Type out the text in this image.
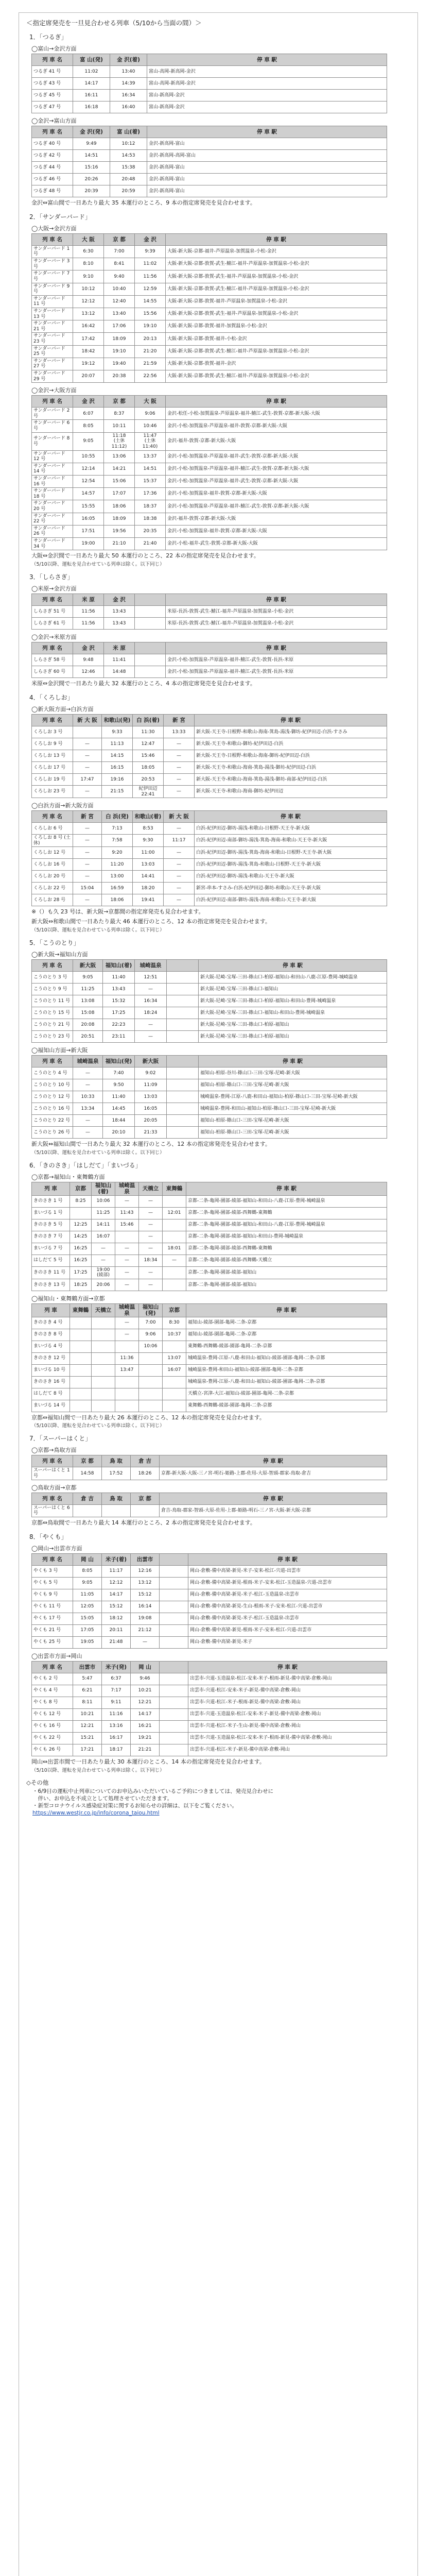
＜指定席発売を一旦見合わせる列車（5/10から当面の間）＞
1．「つるぎ」
◯富山→金沢方面
列 車 名	富 山(発)	金 沢(着)	停 車 駅
つるぎ 41 号	11:02	13:40	富山-高岡-新高岡-金沢
つるぎ 43 号	14:17	14:39	富山-高岡-新高岡-金沢
つるぎ 45 号	16:11	16:34	富山-新高岡-金沢
つるぎ 47 号	16:18	16:40	富山-新高岡-金沢
◯金沢→富山方面
列 車 名	金 沢(発)	富 山(着)	停 車 駅
つるぎ 40 号	9:49	10:12	金沢-新高岡-富山
つるぎ 42 号	14:51	14:53	金沢-新高岡-高岡-富山
つるぎ 44 号	15:16	15:38	金沢-新高岡-富山
つるぎ 46 号	20:26	20:48	金沢-新高岡-富山
つるぎ 48 号	20:39	20:59	金沢-新高岡-富山
金沢⇔富山間で一日あたり最大 35 本運行のところ、9 本の指定席発売を見合わせます。
2．「サンダーバード」
◯大阪→金沢方面
列 車 名	大 阪	京 都	金 沢	停 車 駅
サンダーバード 1 号	6:30	7:00	9:39	大阪-新大阪-京都-福井-芦原温泉-加賀温泉-小松-金沢
サンダーバード 3 号	8:10	8:41	11:02	大阪-新大阪-京都-敦賀-武生-鯖江-福井-芦原温泉-加賀温泉-小松-金沢
サンダーバード 7 号	9:10	9:40	11:56	大阪-新大阪-京都-敦賀-武生-福井-芦原温泉-加賀温泉-小松-金沢
サンダーバード 9 号	10:12	10:40	12:59	大阪-新大阪-京都-敦賀-武生-鯖江-福井-芦原温泉-加賀温泉-小松-金沢
サンダーバード 11 号	12:12	12:40	14:55	大阪-新大阪-京都-敦賀-福井-芦原温泉-加賀温泉-小松-金沢
サンダーバード 13 号	13:12	13:40	15:56	大阪-新大阪-京都-敦賀-武生-福井-芦原温泉-加賀温泉-小松-金沢
サンダーバード 21 号	16:42	17:06	19:10	大阪-新大阪-京都-敦賀-福井-加賀温泉-小松-金沢
サンダーバード 23 号	17:42	18:09	20:13	大阪-新大阪-京都-敦賀-福井-小松-金沢
サンダーバード 25 号	18:42	19:10	21:20	大阪-新大阪-京都-敦賀-武生-鯖江-福井-芦原温泉-加賀温泉-小松-金沢
サンダーバード 27 号	19:12	19:40	21:59	大阪-新大阪-京都-敦賀-福井-金沢
サンダーバード 29 号	20:07	20:38	22:56	大阪-新大阪-京都-敦賀-武生-鯖江-福井-芦原温泉-加賀温泉-小松-金沢
◯金沢→大阪方面
列 車 名	金 沢	京 都	大 阪	停 車 駅
サンダーバード 2 号	6:07	8:37	9:06	金沢-松任-小松-加賀温泉-芦原温泉-福井-鯖江-武生-敦賀-京都-新大阪-大阪
サンダーバード 6 号	8:05	10:11	10:46	金沢-小松-加賀温泉-芦原温泉-福井-敦賀-京都-新大阪-大阪
サンダーバード 8 号	9:05	11:18
(土休 11:12)	11:47
(土休 11:40)	金沢-福井-敦賀-京都-新大阪-大阪
サンダーバード 12 号	10:55	13:06	13:37	金沢-小松-加賀温泉-芦原温泉-福井-武生-敦賀-京都-新大阪-大阪
サンダーバード 14 号	12:14	14:21	14:51	金沢-小松-加賀温泉-芦原温泉-福井-鯖江-武生-敦賀-京都-新大阪-大阪
サンダーバード 16 号	12:54	15:06	15:37	金沢-小松-加賀温泉-芦原温泉-福井-武生-敦賀-京都-新大阪-大阪
サンダーバード 18 号	14:57	17:07	17:36	金沢-小松-加賀温泉-福井-敦賀-京都-新大阪-大阪
サンダーバード 20 号	15:55	18:06	18:37	金沢-小松-加賀温泉-芦原温泉-福井-鯖江-武生-敦賀-京都-新大阪-大阪
サンダーバード 22 号	16:05	18:09	18:38	金沢-福井-敦賀-京都-新大阪-大阪
サンダーバード 26 号	17:51	19:56	20:35	金沢-小松-加賀温泉-福井-敦賀-京都-新大阪-大阪
サンダーバード 34 号	19:00	21:10	21:40	金沢-小松-福井-武生-敦賀-京都-新大阪-大阪
大阪⇔金沢間で一日あたり最大 50 本運行のところ、22 本の指定席発売を見合わせます。
（5/10以降、運転を見合わせている列車は除く。以下同じ）
3．「しらさぎ」
◯米原→金沢方面
列 車 名	米 原	金 沢		停 車 駅
しらさぎ 51 号	11:56	13:43		米原-長浜-敦賀-武生-鯖江-福井-芦原温泉-加賀温泉-小松-金沢
しらさぎ 61 号	11:56	13:43		米原-長浜-敦賀-武生-鯖江-福井-芦原温泉-加賀温泉-小松-金沢
◯金沢→米原方面
列 車 名	金 沢	米 原		停 車 駅
しらさぎ 58 号	9:48	11:41		金沢-小松-加賀温泉-芦原温泉-福井-鯖江-武生-敦賀-長浜-米原
しらさぎ 60 号	12:46	14:48		金沢-小松-加賀温泉-芦原温泉-福井-鯖江-武生-敦賀-長浜-米原
米原⇔金沢間で一日あたり最大 32 本運行のところ、4 本の指定席発売を見合わせます。
4．「くろしお」
◯新大阪方面→白浜方面
列 車 名	新 大 阪	和歌山(発)	白 浜(着)	新 宮	停 車 駅
くろしお 3 号		9:33	11:30	13:33	新大阪-天王寺-日根野-和歌山-海南-箕島-湯浅-御坊-紀伊田辺-白浜-すさみ
くろしお 9 号	—	11:13	12:47	—	新大阪-天王寺-和歌山-御坊-紀伊田辺-白浜
くろしお 13 号	—	14:15	15:46	—	新大阪-天王寺-日根野-和歌山-海南-御坊-紀伊田辺-白浜
くろしお 17 号	—	16:15	18:05	—	新大阪-天王寺-和歌山-海南-箕島-湯浅-御坊-紀伊田辺-白浜
くろしお 19 号	17:47	19:16	20:53	—	新大阪-天王寺-和歌山-海南-箕島-湯浅-御坊-南部-紀伊田辺-白浜
くろしお 23 号	—	21:15	紀伊田辺 22:41	—	新大阪-天王寺-和歌山-海南-御坊-紀伊田辺
◯白浜方面→新大阪方面
列 車 名	新 宮	白 浜(発)	和歌山(着)	新 大 阪	停 車 駅
くろしお 6 号	—	7:13	8:53	—	白浜-紀伊田辺-御坊-湯浅-和歌山-日根野-天王寺-新大阪
くろしお 8 号 (土休)	—	7:58	9:30	11:17	白浜-紀伊田辺-南部-御坊-湯浅-箕島-海南-和歌山-天王寺-新大阪
くろしお 12 号	—	9:20	11:00	—	白浜-紀伊田辺-御坊-湯浅-箕島-海南-和歌山-日根野-天王寺-新大阪
くろしお 16 号	—	11:20	13:03	—	白浜-紀伊田辺-御坊-湯浅-箕島-和歌山-日根野-天王寺-新大阪
くろしお 20 号	—	13:00	14:41	—	白浜-紀伊田辺-御坊-湯浅-和歌山-天王寺-新大阪
くろしお 22 号	15:04	16:59	18:20	—	新宮-串本-すさみ-白浜-紀伊田辺-御坊-和歌山-天王寺-新大阪
くろしお 28 号	—	18:06	19:41	—	白浜-紀伊田辺-南部-御坊-湯浅-海南-和歌山-天王寺-新大阪
※（）も久 23 号は、新大阪→京都間の指定席発売も見合わせます。
新大阪⇔和歌山間で一日あたり最大 46 本運行のところ、12 本の指定席発売を見合わせます。
（5/10以降、運転を見合わせている列車は除く。以下同じ）
5．「こうのとり」
◯新大阪→福知山方面
列 車 名	新大阪	福知山(着)	城崎温泉		停 車 駅
こうのとり 3 号	9:05	11:40	12:51		新大阪-尼崎-宝塚-三田-篠山口-柏原-福知山-和田山-八鹿-江原-豊岡-城崎温泉
こうのとり 9 号	11:25	13:43	—		新大阪-尼崎-宝塚-三田-篠山口-福知山
こうのとり 11 号	13:08	15:32	16:34		新大阪-尼崎-宝塚-三田-篠山口-柏原-福知山-和田山-豊岡-城崎温泉
こうのとり 15 号	15:08	17:25	18:24		新大阪-尼崎-宝塚-三田-篠山口-福知山-和田山-豊岡-城崎温泉
こうのとり 21 号	20:08	22:23	—		新大阪-尼崎-宝塚-三田-篠山口-柏原-福知山
こうのとり 23 号	20:51	23:11	—		新大阪-尼崎-宝塚-三田-篠山口-柏原-福知山
◯福知山方面→新大阪
列 車 名	城崎温泉	福知山(発)	新大阪		停 車 駅
こうのとり 4 号	—	7:40	9:02		福知山-柏原-谷川-篠山口-三田-宝塚-尼崎-新大阪
こうのとり 10 号	—	9:50	11:09		福知山-柏原-篠山口-三田-宝塚-尼崎-新大阪
こうのとり 12 号	10:33	11:40	13:03		城崎温泉-豊岡-江原-八鹿-和田山-福知山-柏原-篠山口-三田-宝塚-尼崎-新大阪
こうのとり 16 号	13:34	14:45	16:05		城崎温泉-豊岡-和田山-福知山-柏原-篠山口-三田-宝塚-尼崎-新大阪
こうのとり 22 号	—	18:44	20:05		福知山-柏原-篠山口-三田-宝塚-尼崎-新大阪
こうのとり 26 号	—	20:10	21:33		福知山-柏原-篠山口-三田-宝塚-尼崎-新大阪
新大阪⇔福知山間で一日あたり最大 32 本運行のところ、12 本の指定席発売を見合わせます。
（5/10以降、運転を見合わせている列車は除く。以下同じ）
6．「きのさき」「はしだて」「まいづる」
◯京都→福知山・東舞鶴方面
列 車	京都	福知山(着)	城崎温泉	天橋立	東舞鶴	停 車 駅
きのさき 1 号	8:25	10:06	—	—		京都-二条-亀岡-園部-綾部-福知山-和田山-八鹿-江原-豊岡-城崎温泉
まいづる 1 号		11:25	11:43	—	12:01	京都-二条-亀岡-園部-綾部-西舞鶴-東舞鶴
きのさき 5 号	12:25	14:11	15:46	—		京都-二条-亀岡-園部-綾部-福知山-和田山-八鹿-江原-豊岡-城崎温泉
きのさき 7 号	14:25	16:07		—		京都-二条-亀岡-園部-綾部-福知山-和田山-豊岡-城崎温泉
まいづる 7 号	16:25	—	—	—	18:01	京都-二条-亀岡-園部-綾部-西舞鶴-東舞鶴
はしだて 5 号	16:25	—	—	18:34	—	京都-二条-亀岡-園部-綾部-西舞鶴-天橋立
きのさき 11 号	17:25	19:00
(綾部)	—	—		京都-二条-亀岡-園部-綾部-福知山
きのさき 13 号	18:25	20:06	—	—		京都-二条-亀岡-園部-綾部-福知山
◯福知山・東舞鶴方面→京都
列 車	東舞鶴	天橋立	城崎温泉	福知山(発)	京都	停 車 駅
きのさき 4 号			—	7:00	8:30	福知山-綾部-園部-亀岡-二条-京都
きのさき 8 号			—	9:06	10:37	福知山-綾部-園部-亀岡-二条-京都
まいづる 4 号				10:06		東舞鶴-西舞鶴-綾部-園部-亀岡-二条-京都
きのさき 12 号			11:36		13:07	城崎温泉-豊岡-江原-八鹿-和田山-福知山-綾部-園部-亀岡-二条-京都
まいづる 10 号			13:47		16:07	城崎温泉-豊岡-和田山-福知山-綾部-園部-亀岡-二条-京都
きのさき 16 号						城崎温泉-豊岡-江原-八鹿-和田山-福知山-綾部-園部-亀岡-二条-京都
はしだて 8 号						天橋立-宮津-大江-福知山-綾部-園部-亀岡-二条-京都
まいづる 14 号						東舞鶴-西舞鶴-綾部-園部-亀岡-二条-京都
京都⇔福知山間で一日あたり最大 26 本運行のところ、12 本の指定席発売を見合わせます。
（5/10以降、運転を見合わせている列車は除く。以下同じ）
7．「スーパーはくと」
◯京都→鳥取方面
列 車 名	京 都	鳥 取	倉 吉	停 車 駅
スーパーはくと 1 号	14:58	17:52	18:26	京都-新大阪-大阪-三ノ宮-明石-姫路-上郡-佐用-大原-智頭-郡家-鳥取-倉吉
◯鳥取方面→京都
列 車 名	倉 吉	鳥 取	京 都	停 車 駅
スーパーはくと 6 号				倉吉-鳥取-郡家-智頭-大原-佐用-上郡-姫路-明石-三ノ宮-大阪-新大阪-京都
京都⇔鳥取間で一日あたり最大 14 本運行のところ、2 本の指定席発売を見合わせます。
8．「やくも」
◯岡山→出雲市方面
列 車 名	岡 山	米子(着)	出雲市		停 車 駅
やくも 3 号	8:05	11:17	12:16		岡山-倉敷-備中高梁-新見-米子-安来-松江-宍道-出雲市
やくも 5 号	9:05	12:12	13:12		岡山-倉敷-備中高梁-新見-根雨-米子-安来-松江-玉造温泉-宍道-出雲市
やくも 9 号	11:05	14:17	15:12		岡山-倉敷-備中高梁-新見-米子-松江-玉造温泉-出雲市
やくも 11 号	12:05	15:12	16:14		岡山-倉敷-備中高梁-新見-生山-根雨-米子-安来-松江-宍道-出雲市
やくも 17 号	15:05	18:12	19:08		岡山-倉敷-備中高梁-新見-米子-松江-玉造温泉-出雲市
やくも 21 号	17:05	20:11	21:12		岡山-倉敷-備中高梁-新見-根雨-米子-安来-松江-宍道-出雲市
やくも 25 号	19:05	21:48	—		岡山-倉敷-備中高梁-新見-米子
◯出雲市方面→岡山
列 車 名	出雲市	米子(発)	岡 山		停 車 駅
やくも 2 号	5:47	6:37	9:46		出雲市-宍道-玉造温泉-松江-安来-米子-根雨-新見-備中高梁-倉敷-岡山
やくも 4 号	6:21	7:17	10:21		出雲市-宍道-松江-安来-米子-新見-備中高梁-倉敷-岡山
やくも 8 号	8:11	9:11	12:21		出雲市-宍道-松江-米子-根雨-新見-備中高梁-倉敷-岡山
やくも 12 号	10:21	11:16	14:17		出雲市-宍道-玉造温泉-松江-安来-米子-新見-備中高梁-倉敷-岡山
やくも 16 号	12:21	13:16	16:21		出雲市-宍道-松江-米子-生山-新見-備中高梁-倉敷-岡山
やくも 22 号	15:21	16:17	19:21		出雲市-宍道-玉造温泉-松江-安来-米子-根雨-新見-備中高梁-倉敷-岡山
やくも 26 号	17:21	18:17	21:21		出雲市-宍道-松江-米子-新見-備中高梁-倉敷-岡山
岡山⇔出雲市間で一日あたり最大 30 本運行のところ、14 本の指定席発売を見合わせます。
（5/10以降、運転を見合わせている列車は除く。以下同じ）
◇その他

・6/9日の運転中止列車についてのお申込みいただいているご予約につきましては、発売見合わせに

　伴い、お申込を不成立として処理させていただきます。

・新型コロナウイルス感染症対策に関するお知らせの詳細は、以下をご覧ください。

https://www.westjr.co.jp/info/corona_taiou.html
